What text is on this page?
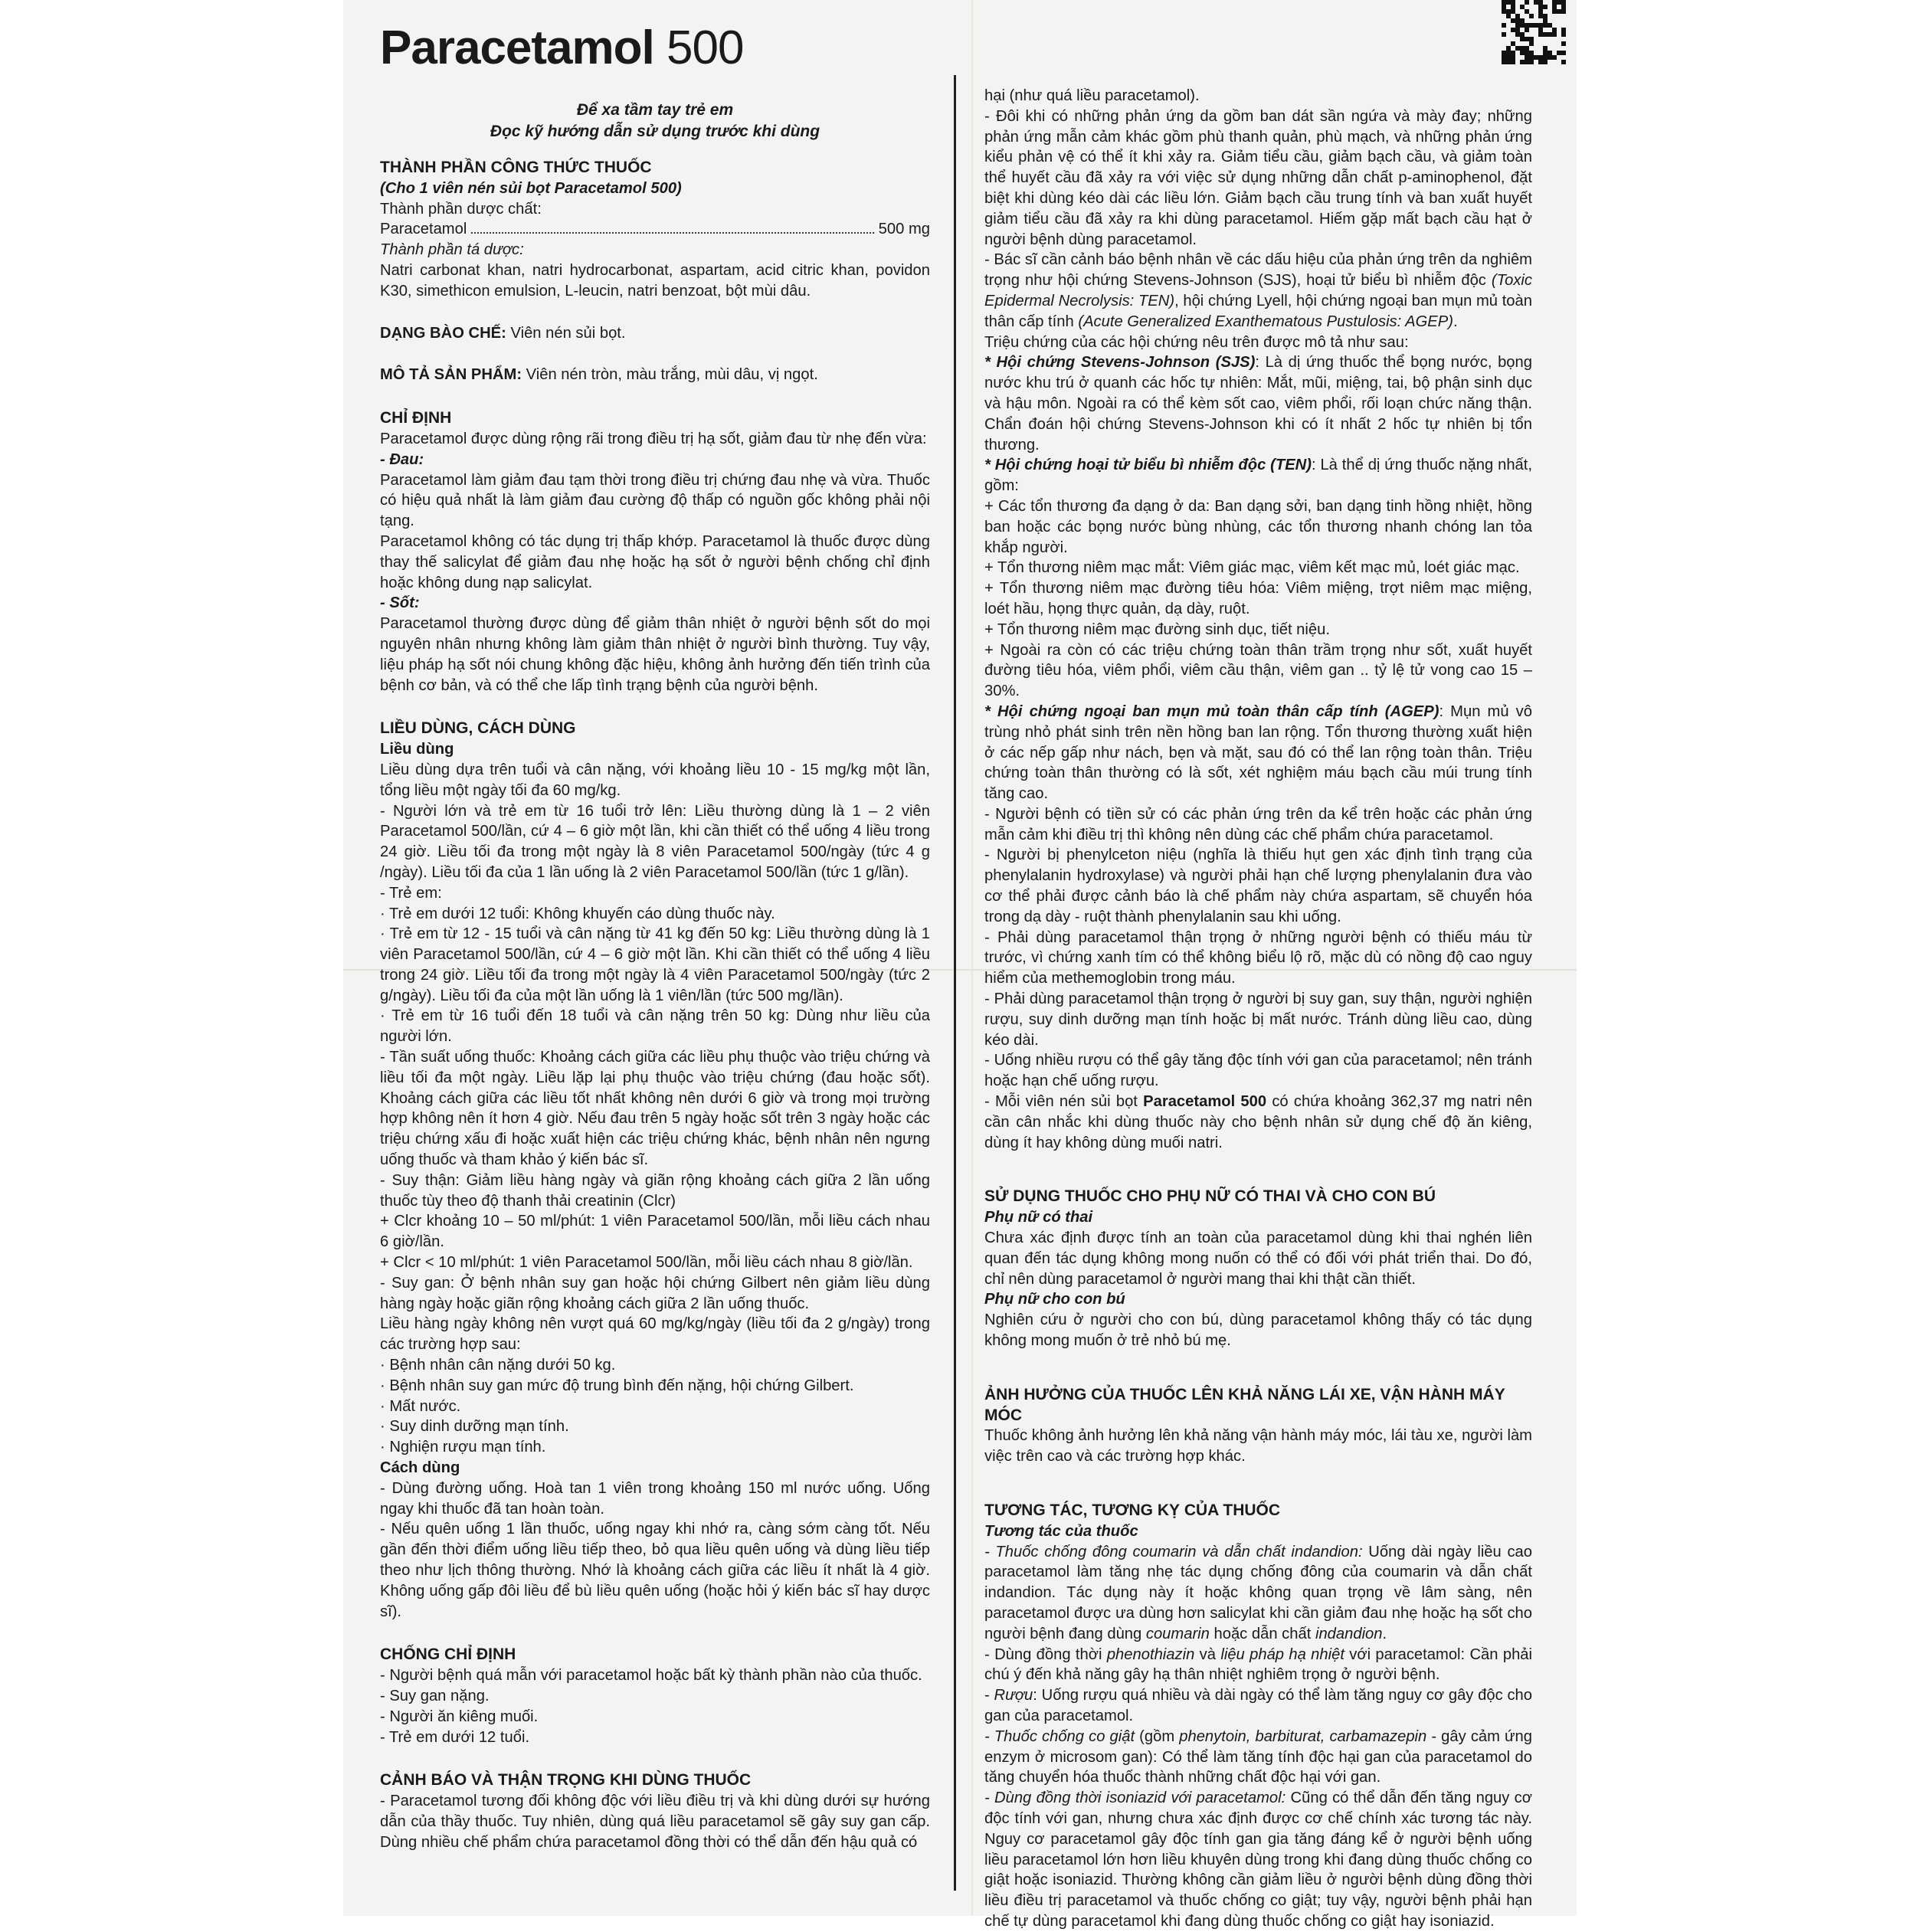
Paracetamol 500

Để xa tầm tay trẻ em

Đọc kỹ hướng dẫn sử dụng trước khi dùng

THÀNH PHẦN CÔNG THỨC THUỐC

(Cho 1 viên nén sủi bọt Paracetamol 500)

Thành phần dược chất:

Paracetamol	500 mg

Thành phần tá dược:

Natri carbonat khan, natri hydrocarbonat, aspartam, acid citric khan, povidon K30, simethicon emulsion, L-leucin, natri benzoat, bột mùi dâu.

DẠNG BÀO CHẾ: Viên nén sủi bọt.

MÔ TẢ SẢN PHẨM: Viên nén tròn, màu trắng, mùi dâu, vị ngọt.

CHỈ ĐỊNH

Paracetamol được dùng rộng rãi trong điều trị hạ sốt, giảm đau từ nhẹ đến vừa:

- Đau:

Paracetamol làm giảm đau tạm thời trong điều trị chứng đau nhẹ và vừa. Thuốc có hiệu quả nhất là làm giảm đau cường độ thấp có nguồn gốc không phải nội tạng.

Paracetamol không có tác dụng trị thấp khớp. Paracetamol là thuốc được dùng thay thế salicylat để giảm đau nhẹ hoặc hạ sốt ở người bệnh chống chỉ định hoặc không dung nạp salicylat.

- Sốt:

Paracetamol thường được dùng để giảm thân nhiệt ở người bệnh sốt do mọi nguyên nhân nhưng không làm giảm thân nhiệt ở người bình thường. Tuy vậy, liệu pháp hạ sốt nói chung không đặc hiệu, không ảnh hưởng đến tiến trình của bệnh cơ bản, và có thể che lấp tình trạng bệnh của người bệnh.

LIỀU DÙNG, CÁCH DÙNG

Liều dùng

Liều dùng dựa trên tuổi và cân nặng, với khoảng liều 10 - 15 mg/kg một lần, tổng liều một ngày tối đa 60 mg/kg.

- Người lớn và trẻ em từ 16 tuổi trở lên: Liều thường dùng là 1 – 2 viên Paracetamol 500/lần, cứ 4 – 6 giờ một lần, khi cần thiết có thể uống 4 liều trong 24 giờ. Liều tối đa trong một ngày là 8 viên Paracetamol 500/ngày (tức 4 g /ngày). Liều tối đa của 1 lần uống là 2 viên Paracetamol 500/lần (tức 1 g/lần).

- Trẻ em:

· Trẻ em dưới 12 tuổi: Không khuyến cáo dùng thuốc này.

· Trẻ em từ 12 - 15 tuổi và cân nặng từ 41 kg đến 50 kg: Liều thường dùng là 1 viên Paracetamol 500/lần, cứ 4 – 6 giờ một lần. Khi cần thiết có thể uống 4 liều trong 24 giờ. Liều tối đa trong một ngày là 4 viên Paracetamol 500/ngày (tức 2 g/ngày). Liều tối đa của một lần uống là 1 viên/lần (tức 500 mg/lần).

· Trẻ em từ 16 tuổi đến 18 tuổi và cân nặng trên 50 kg: Dùng như liều của người lớn.

- Tần suất uống thuốc: Khoảng cách giữa các liều phụ thuộc vào triệu chứng và liều tối đa một ngày. Liều lặp lại phụ thuộc vào triệu chứng (đau hoặc sốt). Khoảng cách giữa các liều tốt nhất không nên dưới 6 giờ và trong mọi trường hợp không nên ít hơn 4 giờ. Nếu đau trên 5 ngày hoặc sốt trên 3 ngày hoặc các triệu chứng xấu đi hoặc xuất hiện các triệu chứng khác, bệnh nhân nên ngưng uống thuốc và tham khảo ý kiến bác sĩ.

- Suy thận: Giảm liều hàng ngày và giãn rộng khoảng cách giữa 2 lần uống thuốc tùy theo độ thanh thải creatinin (Clcr)

+ Clcr khoảng 10 – 50 ml/phút: 1 viên Paracetamol 500/lần, mỗi liều cách nhau 6 giờ/lần.

+ Clcr < 10 ml/phút: 1 viên Paracetamol 500/lần, mỗi liều cách nhau 8 giờ/lần.

- Suy gan: Ở bệnh nhân suy gan hoặc hội chứng Gilbert nên giảm liều dùng hàng ngày hoặc giãn rộng khoảng cách giữa 2 lần uống thuốc.

Liều hàng ngày không nên vượt quá 60 mg/kg/ngày (liều tối đa 2 g/ngày) trong các trường hợp sau:

· Bệnh nhân cân nặng dưới 50 kg.

· Bệnh nhân suy gan mức độ trung bình đến nặng, hội chứng Gilbert.

· Mất nước.

· Suy dinh dưỡng mạn tính.

· Nghiện rượu mạn tính.

Cách dùng

- Dùng đường uống. Hoà tan 1 viên trong khoảng 150 ml nước uống. Uống ngay khi thuốc đã tan hoàn toàn.

- Nếu quên uống 1 lần thuốc, uống ngay khi nhớ ra, càng sớm càng tốt. Nếu gần đến thời điểm uống liều tiếp theo, bỏ qua liều quên uống và dùng liều tiếp theo như lịch thông thường. Nhớ là khoảng cách giữa các liều ít nhất là 4 giờ. Không uống gấp đôi liều để bù liều quên uống (hoặc hỏi ý kiến bác sĩ hay dược sĩ).

CHỐNG CHỈ ĐỊNH

- Người bệnh quá mẫn với paracetamol hoặc bất kỳ thành phần nào của thuốc.

- Suy gan nặng.

- Người ăn kiêng muối.

- Trẻ em dưới 12 tuổi.

CẢNH BÁO VÀ THẬN TRỌNG KHI DÙNG THUỐC

- Paracetamol tương đối không độc với liều điều trị và khi dùng dưới sự hướng dẫn của thầy thuốc. Tuy nhiên, dùng quá liều paracetamol sẽ gây suy gan cấp. Dùng nhiều chế phẩm chứa paracetamol đồng thời có thể dẫn đến hậu quả có

hại (như quá liều paracetamol).

- Đôi khi có những phản ứng da gồm ban dát sần ngứa và mày đay; những phản ứng mẫn cảm khác gồm phù thanh quản, phù mạch, và những phản ứng kiểu phản vệ có thể ít khi xảy ra. Giảm tiểu cầu, giảm bạch cầu, và giảm toàn thể huyết cầu đã xảy ra với việc sử dụng những dẫn chất p-aminophenol, đặt biệt khi dùng kéo dài các liều lớn. Giảm bạch cầu trung tính và ban xuất huyết giảm tiểu cầu đã xảy ra khi dùng paracetamol. Hiếm gặp mất bạch cầu hạt ở người bệnh dùng paracetamol.

- Bác sĩ cần cảnh báo bệnh nhân về các dấu hiệu của phản ứng trên da nghiêm trọng như hội chứng Stevens-Johnson (SJS), hoại tử biểu bì nhiễm độc (Toxic Epidermal Necrolysis: TEN), hội chứng Lyell, hội chứng ngoại ban mụn mủ toàn thân cấp tính (Acute Generalized Exanthematous Pustulosis: AGEP).

Triệu chứng của các hội chứng nêu trên được mô tả như sau:

* Hội chứng Stevens-Johnson (SJS): Là dị ứng thuốc thể bọng nước, bọng nước khu trú ở quanh các hốc tự nhiên: Mắt, mũi, miệng, tai, bộ phận sinh dục và hậu môn. Ngoài ra có thể kèm sốt cao, viêm phổi, rối loạn chức năng thận. Chẩn đoán hội chứng Stevens-Johnson khi có ít nhất 2 hốc tự nhiên bị tổn thương.

* Hội chứng hoại tử biểu bì nhiễm độc (TEN): Là thể dị ứng thuốc nặng nhất, gồm:

+ Các tổn thương đa dạng ở da: Ban dạng sởi, ban dạng tinh hồng nhiệt, hồng ban hoặc các bọng nước bùng nhùng, các tổn thương nhanh chóng lan tỏa khắp người.

+ Tổn thương niêm mạc mắt: Viêm giác mạc, viêm kết mạc mủ, loét giác mạc.

+ Tổn thương niêm mạc đường tiêu hóa: Viêm miệng, trợt niêm mạc miệng, loét hầu, họng thực quản, dạ dày, ruột.

+ Tổn thương niêm mạc đường sinh dục, tiết niệu.

+ Ngoài ra còn có các triệu chứng toàn thân trầm trọng như sốt, xuất huyết đường tiêu hóa, viêm phổi, viêm cầu thận, viêm gan .. tỷ lệ tử vong cao 15 – 30%.

* Hội chứng ngoại ban mụn mủ toàn thân cấp tính (AGEP): Mụn mủ vô trùng nhỏ phát sinh trên nền hồng ban lan rộng. Tổn thương thường xuất hiện ở các nếp gấp như nách, bẹn và mặt, sau đó có thể lan rộng toàn thân. Triệu chứng toàn thân thường có là sốt, xét nghiệm máu bạch cầu múi trung tính tăng cao.

- Người bệnh có tiền sử có các phản ứng trên da kể trên hoặc các phản ứng mẫn cảm khi điều trị thì không nên dùng các chế phẩm chứa paracetamol.

- Người bị phenylceton niệu (nghĩa là thiếu hụt gen xác định tình trạng của phenylalanin hydroxylase) và người phải hạn chế lượng phenylalanin đưa vào cơ thể phải được cảnh báo là chế phẩm này chứa aspartam, sẽ chuyển hóa trong dạ dày - ruột thành phenylalanin sau khi uống.

- Phải dùng paracetamol thận trọng ở những người bệnh có thiếu máu từ trước, vì chứng xanh tím có thể không biểu lộ rõ, mặc dù có nồng độ cao nguy hiểm của methemoglobin trong máu.

- Phải dùng paracetamol thận trọng ở người bị suy gan, suy thận, người nghiện rượu, suy dinh dưỡng mạn tính hoặc bị mất nước. Tránh dùng liều cao, dùng kéo dài.

- Uống nhiều rượu có thể gây tăng độc tính với gan của paracetamol; nên tránh hoặc hạn chế uống rượu.

- Mỗi viên nén sủi bọt Paracetamol 500 có chứa khoảng 362,37 mg natri nên cần cân nhắc khi dùng thuốc này cho bệnh nhân sử dụng chế độ ăn kiêng, dùng ít hay không dùng muối natri.

SỬ DỤNG THUỐC CHO PHỤ NỮ CÓ THAI VÀ CHO CON BÚ

Phụ nữ có thai

Chưa xác định được tính an toàn của paracetamol dùng khi thai nghén liên quan đến tác dụng không mong nuốn có thể có đối với phát triển thai. Do đó, chỉ nên dùng paracetamol ở người mang thai khi thật cần thiết.

Phụ nữ cho con bú

Nghiên cứu ở người cho con bú, dùng paracetamol không thấy có tác dụng không mong muốn ở trẻ nhỏ bú mẹ.

ẢNH HƯỞNG CỦA THUỐC LÊN KHẢ NĂNG LÁI XE, VẬN HÀNH MÁY MÓC

Thuốc không ảnh hưởng lên khả năng vận hành máy móc, lái tàu xe, người làm việc trên cao và các trường hợp khác.

TƯƠNG TÁC, TƯƠNG KỴ CỦA THUỐC

Tương tác của thuốc

- Thuốc chống đông coumarin và dẫn chất indandion: Uống dài ngày liều cao paracetamol làm tăng nhẹ tác dụng chống đông của coumarin và dẫn chất indandion. Tác dụng này ít hoặc không quan trọng về lâm sàng, nên paracetamol được ưa dùng hơn salicylat khi cần giảm đau nhẹ hoặc hạ sốt cho người bệnh đang dùng coumarin hoặc dẫn chất indandion.

- Dùng đồng thời phenothiazin và liệu pháp hạ nhiệt với paracetamol: Cần phải chú ý đến khả năng gây hạ thân nhiệt nghiêm trọng ở người bệnh.

- Rượu: Uống rượu quá nhiều và dài ngày có thể làm tăng nguy cơ gây độc cho gan của paracetamol.

- Thuốc chống co giật (gồm phenytoin, barbiturat, carbamazepin - gây cảm ứng enzym ở microsom gan): Có thể làm tăng tính độc hại gan của paracetamol do tăng chuyển hóa thuốc thành những chất độc hại với gan.

- Dùng đồng thời isoniazid với paracetamol: Cũng có thể dẫn đến tăng nguy cơ độc tính với gan, nhưng chưa xác định được cơ chế chính xác tương tác này. Nguy cơ paracetamol gây độc tính gan gia tăng đáng kể ở người bệnh uống liều paracetamol lớn hơn liều khuyên dùng trong khi đang dùng thuốc chống co giật hoặc isoniazid. Thường không cần giảm liều ở người bệnh dùng đồng thời liều điều trị paracetamol và thuốc chống co giật; tuy vậy, người bệnh phải hạn chế tự dùng paracetamol khi đang dùng thuốc chống co giật hay isoniazid.
